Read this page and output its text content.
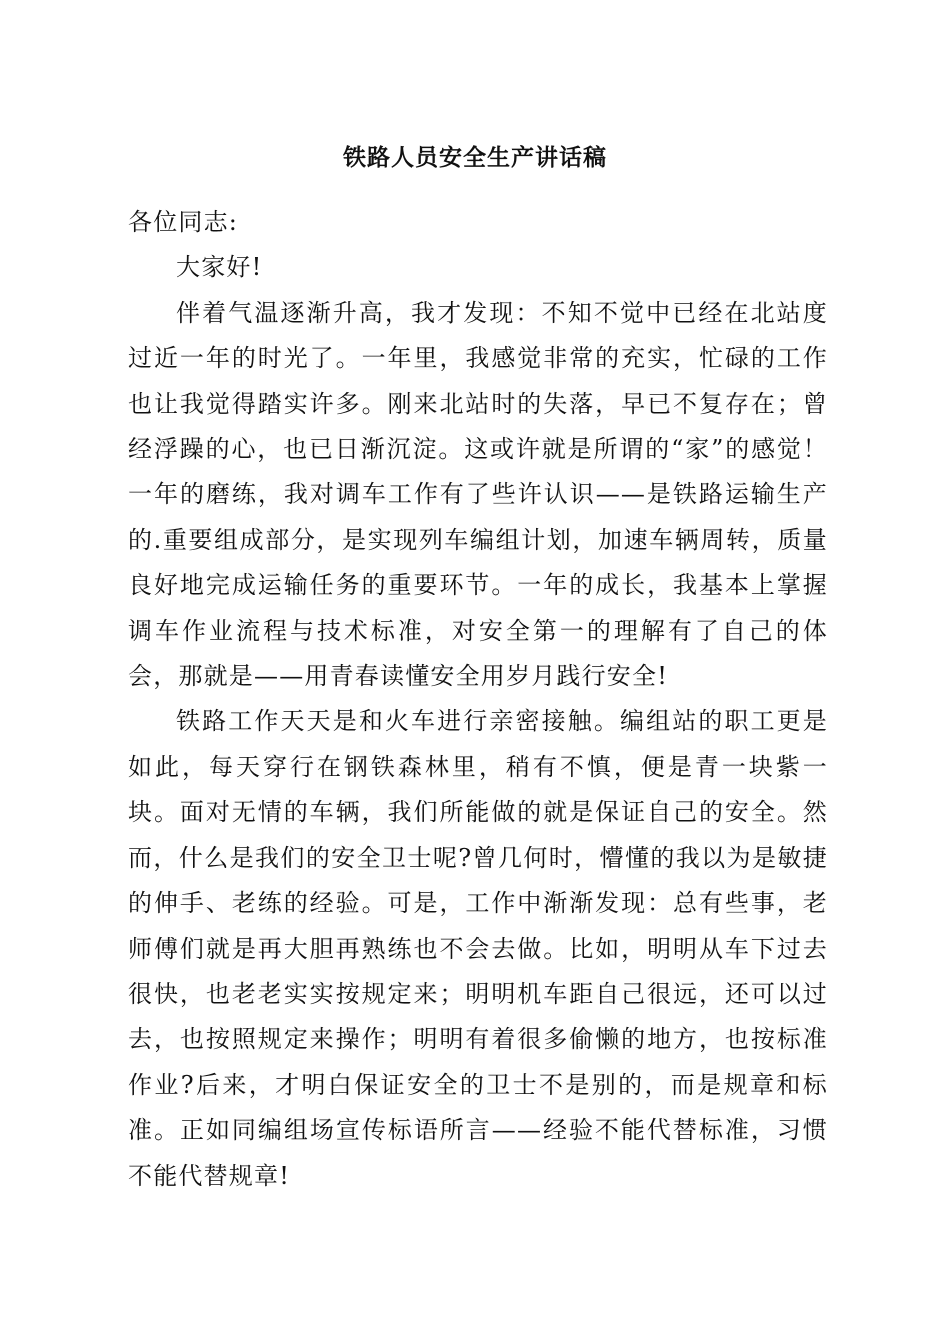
铁路人员安全生产讲话稿

各位同志:

大家好!

伴着气温逐渐升高，我才发现：不知不觉中已经在北站度过近一年的时光了。一年里，我感觉非常的充实，忙碌的工作也让我觉得踏实许多。刚来北站时的失落，早已不复存在；曾经浮躁的心，也已日渐沉淀。这或许就是所谓的“家”的感觉！一年的磨练，我对调车工作有了些许认识——是铁路运输生产的.重要组成部分，是实现列车编组计划，加速车辆周转，质量良好地完成运输任务的重要环节。一年的成长，我基本上掌握调车作业流程与技术标准，对安全第一的理解有了自己的体会，那就是——用青春读懂安全用岁月践行安全!

铁路工作天天是和火车进行亲密接触。编组站的职工更是如此，每天穿行在钢铁森林里，稍有不慎，便是青一块紫一块。面对无情的车辆，我们所能做的就是保证自己的安全。然而，什么是我们的安全卫士呢?曾几何时，懵懂的我以为是敏捷的伸手、老练的经验。可是，工作中渐渐发现：总有些事，老师傅们就是再大胆再熟练也不会去做。比如，明明从车下过去很快，也老老实实按规定来；明明机车距自己很远，还可以过去，也按照规定来操作；明明有着很多偷懒的地方，也按标准作业?后来，才明白保证安全的卫士不是别的，而是规章和标准。正如同编组场宣传标语所言——经验不能代替标准，习惯不能代替规章!
